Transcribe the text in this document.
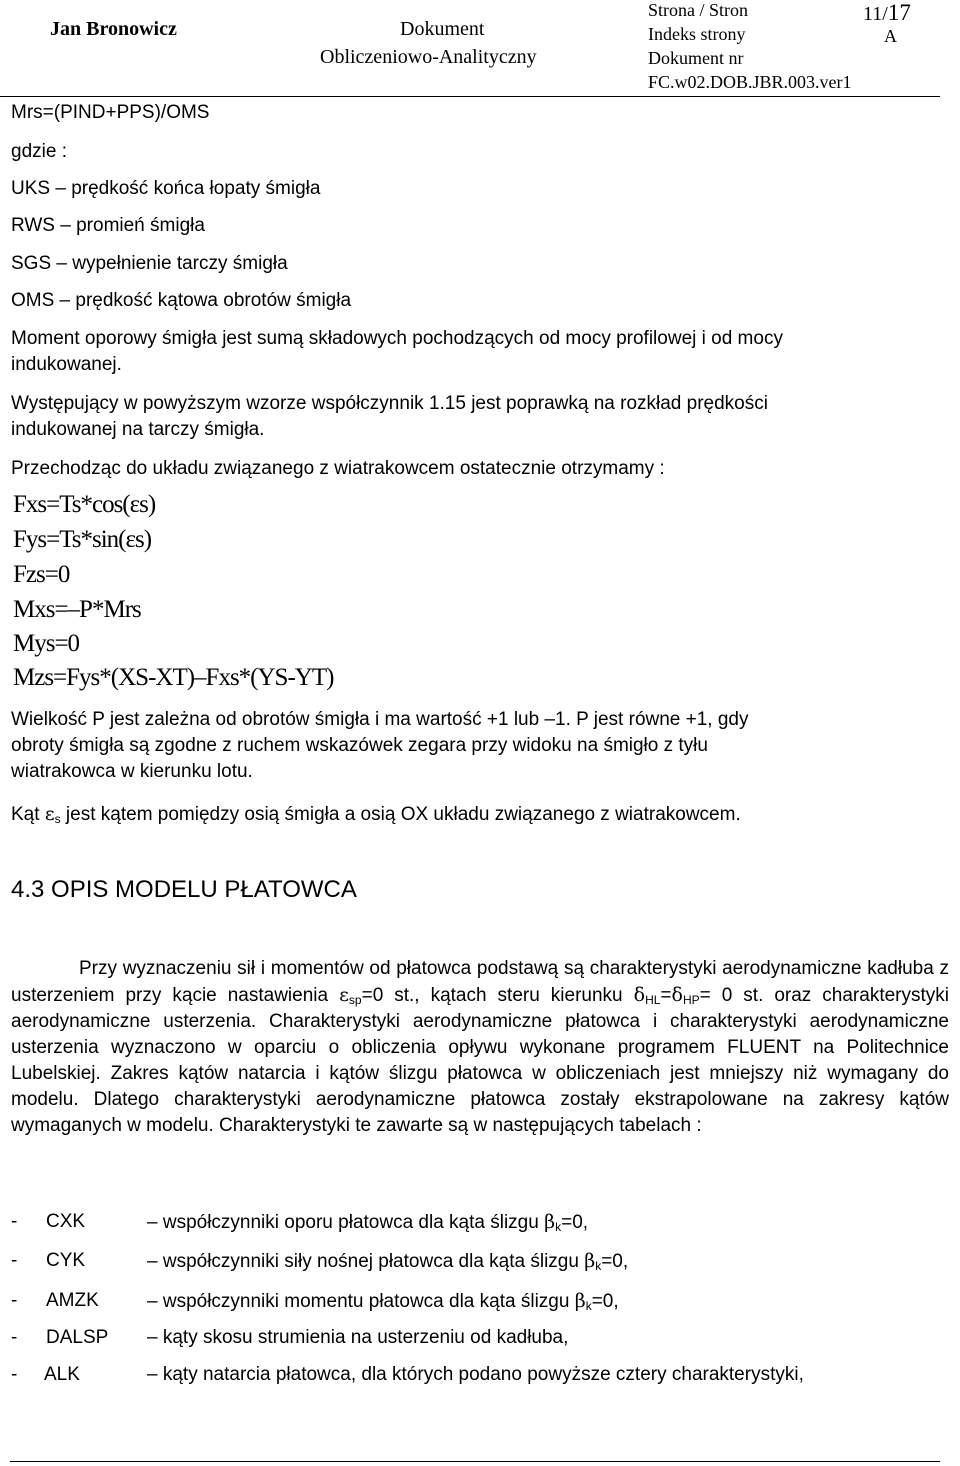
Jan Bronowicz	Dokument
Obliczeniowo-Analityczny
Strona / Stron
Indeks strony
Dokument nr
FC.w02.DOB.JBR.003.ver1
11/17
A
Mrs=(PIND+PPS)/OMS
gdzie :
UKS – prędkość końca łopaty śmigła
RWS – promień śmigła
SGS – wypełnienie tarczy śmigła
OMS – prędkość kątowa obrotów śmigła
Moment oporowy śmigła jest sumą składowych pochodzących od mocy profilowej i od mocy
indukowanej.
Występujący w powyższym wzorze współczynnik 1.15 jest poprawką na rozkład prędkości
indukowanej na tarczy śmigła.
Przechodząc do układu związanego z wiatrakowcem ostatecznie otrzymamy :
Fxs=Ts*cos(εs)
Fys=Ts*sin(εs)
Fzs=0
Mxs=–P*Mrs
Mys=0
Mzs=Fys*(XS-XT)–Fxs*(YS-YT)
Wielkość P jest zależna od obrotów śmigła i ma wartość +1 lub –1. P jest równe +1, gdy
obroty śmigła są zgodne z ruchem wskazówek zegara przy widoku na śmigło z tyłu
wiatrakowca w kierunku lotu.
Kąt $\varepsilon_s$ jest kątem pomiędzy osią śmigła a osią OX układu związanego z wiatrakowcem.
4.3 OPIS MODELU PŁATOWCA
Przy wyznaczeniu sił i momentów od płatowca podstawą są charakterystyki aerodynamiczne kadłuba z usterzeniem przy kącie nastawienia $\varepsilon_{sp}=0$ st., kątach steru kierunku $\delta_{HL}=\delta_{HP}= 0$ st. oraz charakterystyki aerodynamiczne usterzenia. Charakterystyki aerodynamiczne płatowca i charakterystyki aerodynamiczne usterzenia wyznaczono w oparciu o obliczenia opływu wykonane programem FLUENT na Politechnice Lubelskiej. Zakres kątów natarcia i kątów ślizgu płatowca w obliczeniach jest mniejszy niż wymagany do modelu. Dlatego charakterystyki aerodynamiczne płatowca zostały ekstrapolowane na zakresy kątów wymaganych w modelu. Charakterystyki te zawarte są w następujących tabelach :
- CXK	– współczynniki oporu płatowca dla kąta ślizgu $\beta_k=0$,
- CYK	– współczynniki siły nośnej płatowca dla kąta ślizgu $\beta_k=0$,
- AMZK	– współczynniki momentu płatowca dla kąta ślizgu $\beta_k=0$,
- DALSP – kąty skosu strumienia na usterzeniu od kadłuba,
- ALK	– kąty natarcia płatowca, dla których podano powyższe cztery charakterystyki,
